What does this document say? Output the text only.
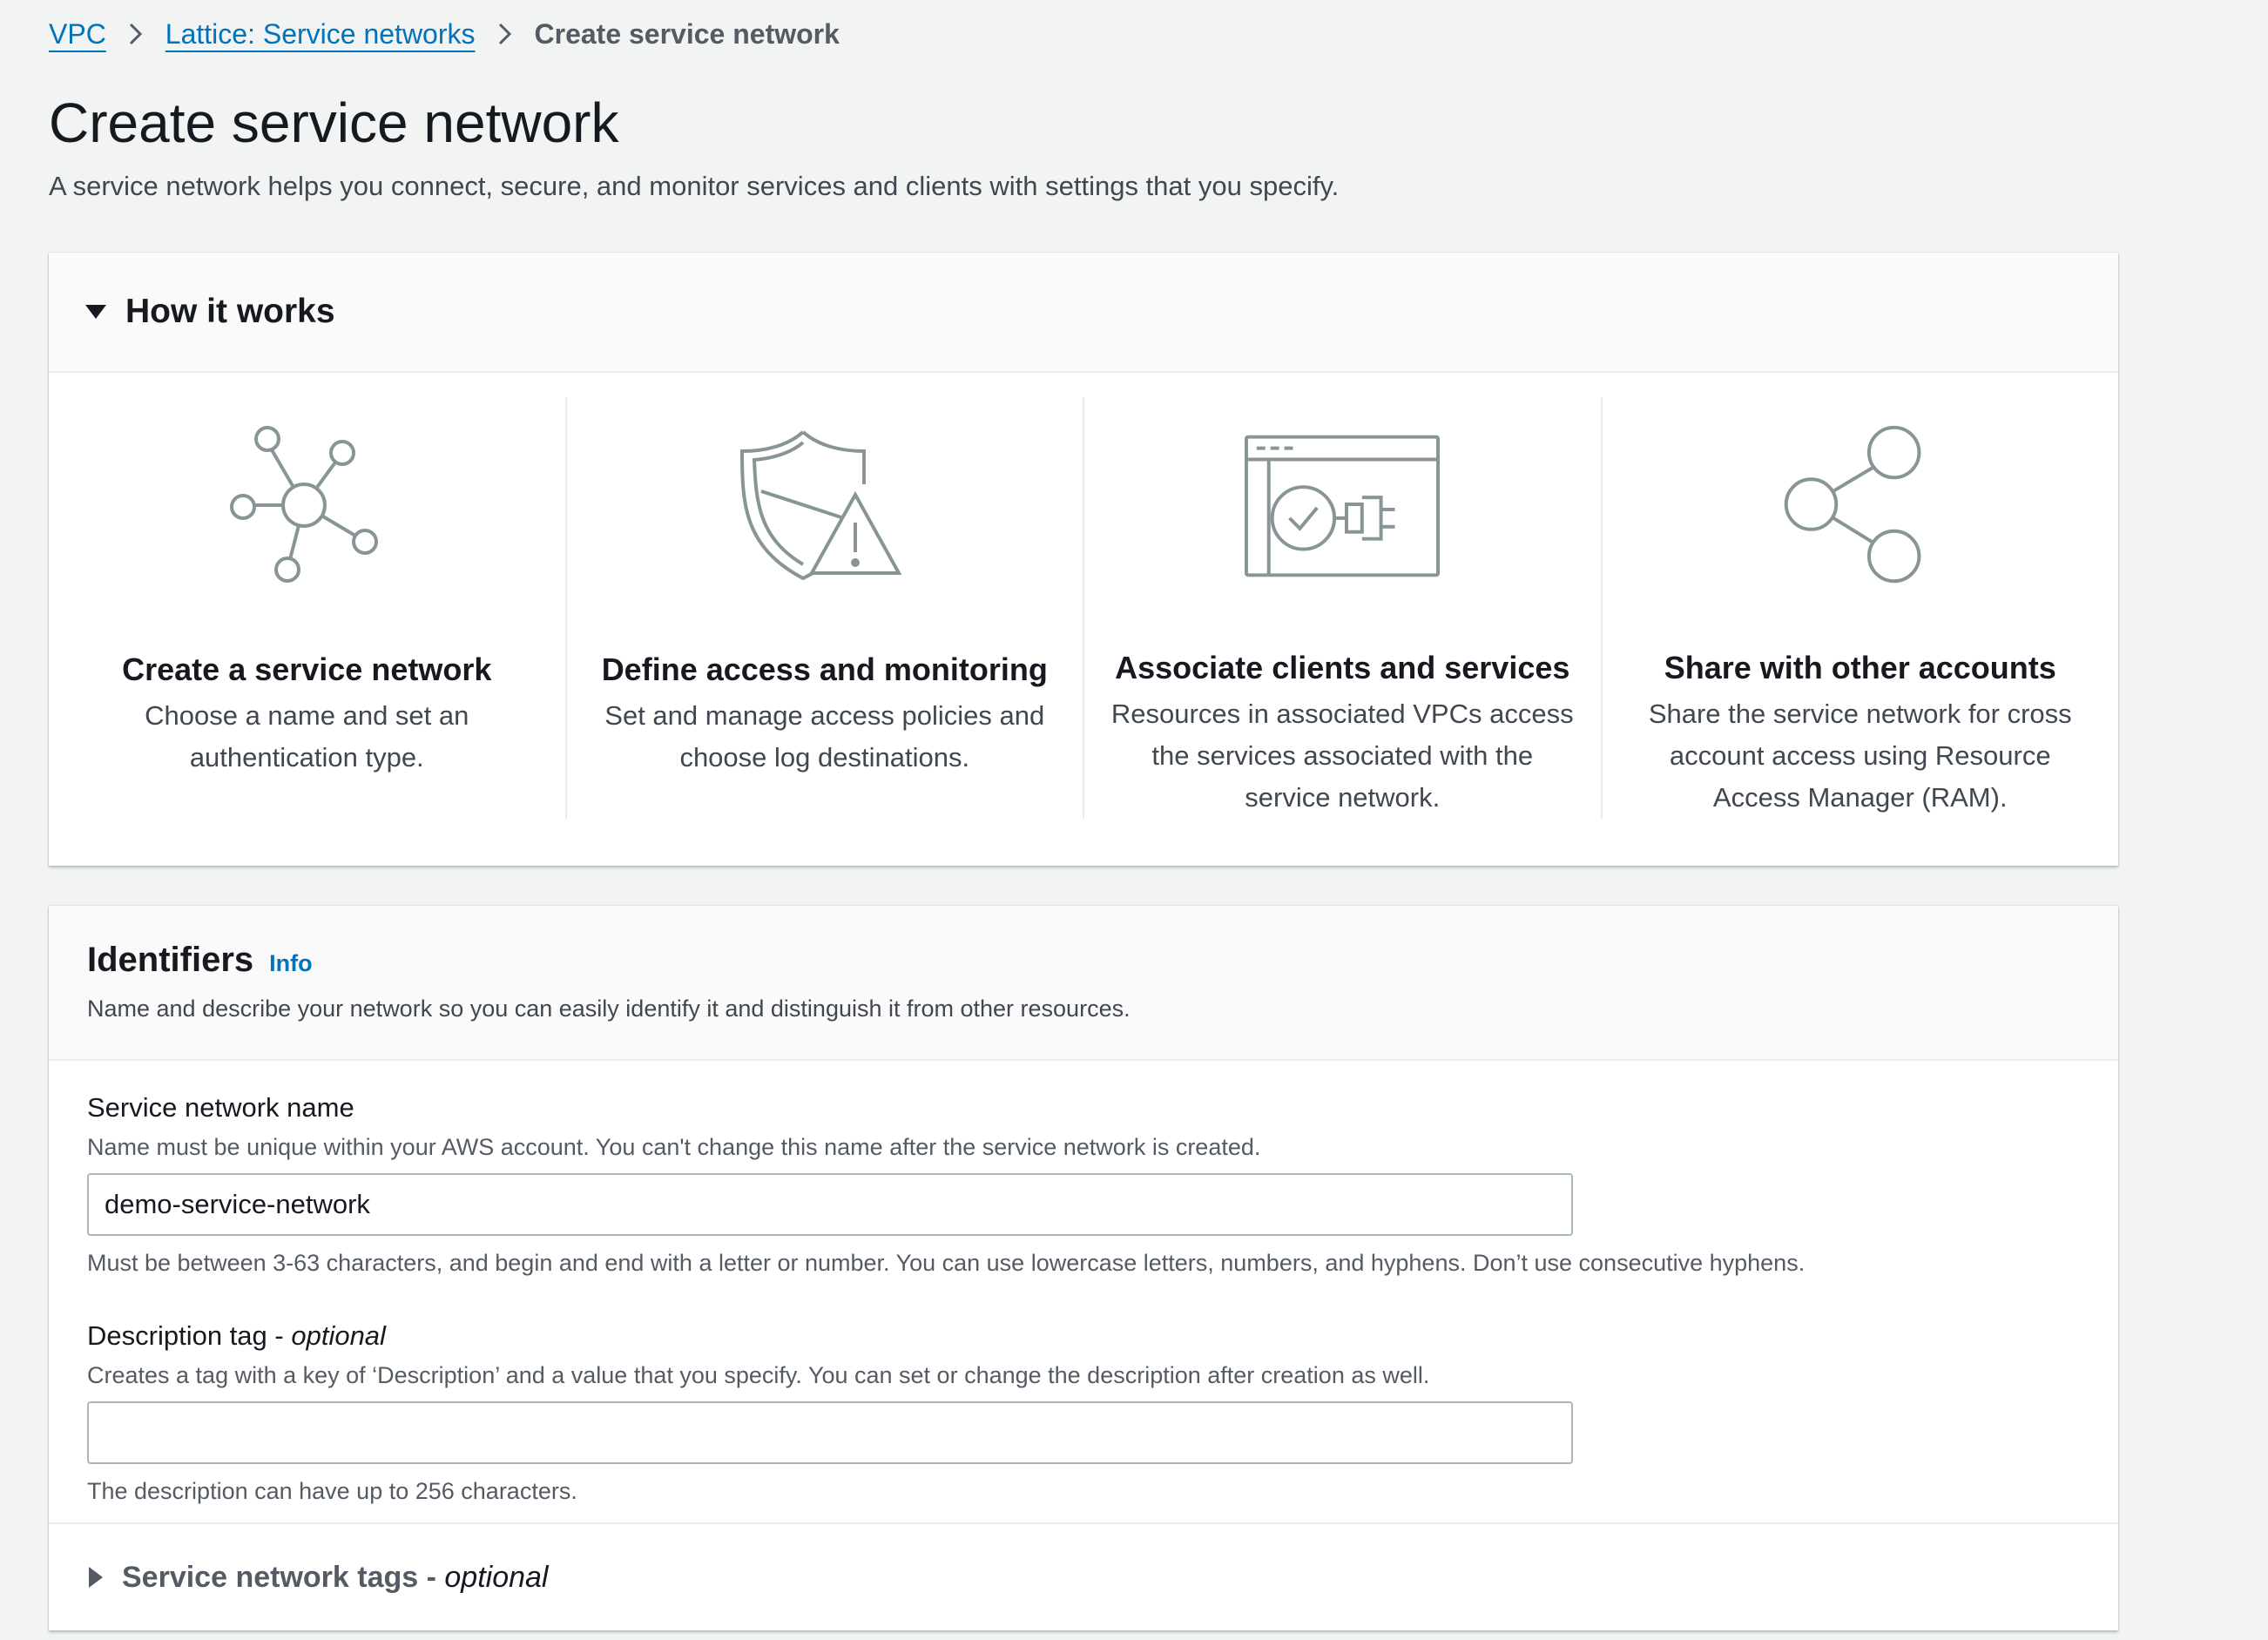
VPC Lattice: Service networks Create service network
Create service network

A service network helps you connect, secure, and monitor services and clients with settings that you specify.

How it works
Create a service network
Choose a name and set an authentication type.
Define access and monitoring
Set and manage access policies and choose log destinations.
Associate clients and services
Resources in associated VPCs access the services associated with the service network.
Share with other accounts
Share the service network for cross account access using Resource Access Manager (RAM).
Identifiers Info
Name and describe your network so you can easily identify it and distinguish it from other resources.
Service network name
Name must be unique within your AWS account. You can't change this name after the service network is created.
demo-service-network
Must be between 3-63 characters, and begin and end with a letter or number. You can use lowercase letters, numbers, and hyphens. Don’t use consecutive hyphens.
Description tag - optional
Creates a tag with a key of ‘Description’ and a value that you specify. You can set or change the description after creation as well.
The description can have up to 256 characters.
Service network tags - optional
